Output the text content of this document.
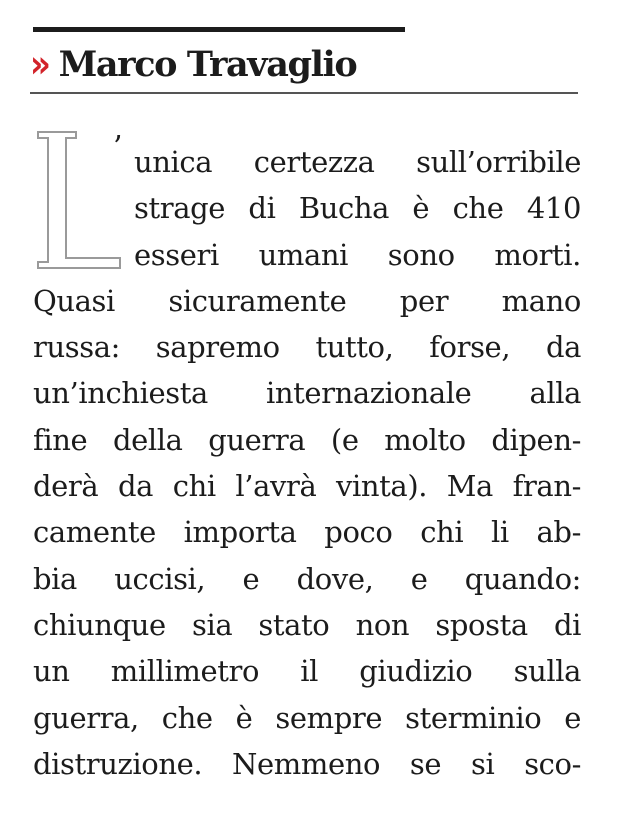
» Marco Travaglio
’ unica certezza sull’orribile
strage di Bucha è che 410
esseri umani sono morti.
Quasi sicuramente per mano
russa: sapremo tutto, forse, da
un’inchiesta internazionale alla
fine della guerra (e molto dipen-
derà da chi l’avrà vinta). Ma fran-
camente importa poco chi li ab-
bia uccisi, e dove, e quando:
chiunque sia stato non sposta di
un millimetro il giudizio sulla
guerra, che è sempre sterminio e
distruzione. Nemmeno se si sco-
